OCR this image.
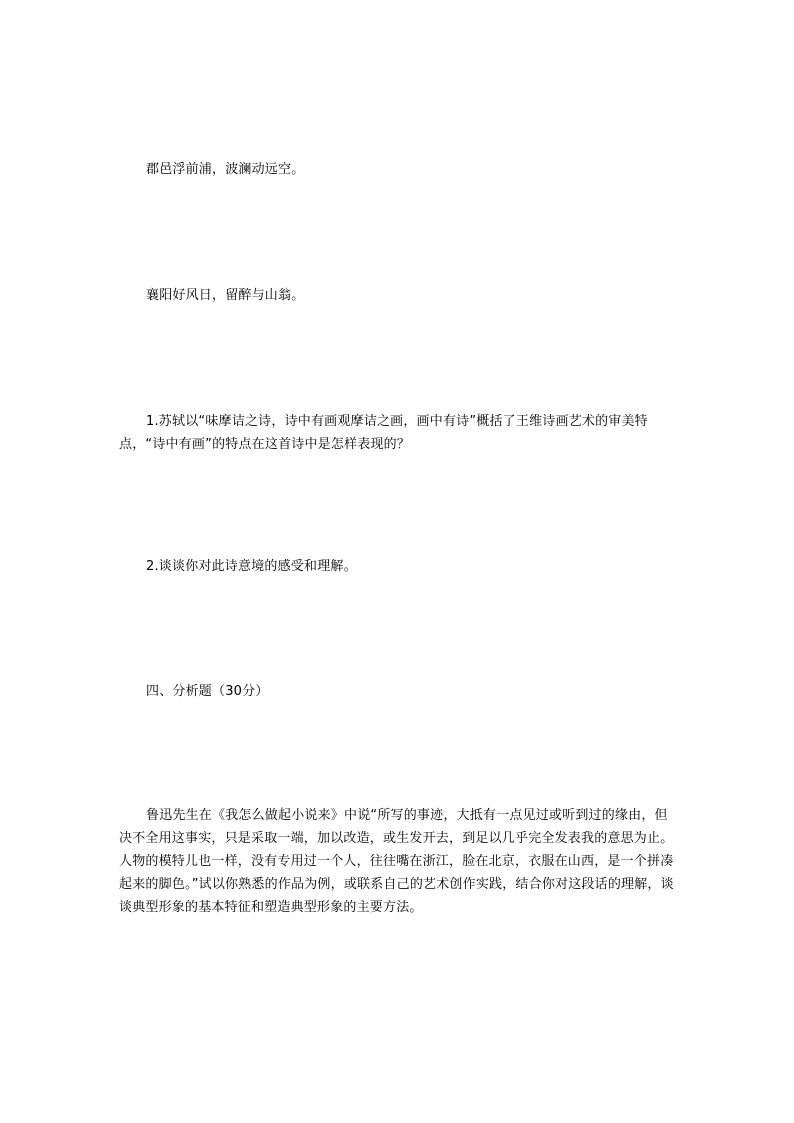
郡邑浮前浦，波澜动远空。

襄阳好风日，留醉与山翁。

1.苏轼以“味摩诘之诗，诗中有画观摩诘之画，画中有诗”概括了王维诗画艺术的审美特点，“诗中有画”的特点在这首诗中是怎样表现的？

2.谈谈你对此诗意境的感受和理解。

四、分析题（30分）

鲁迅先生在《我怎么做起小说来》中说“所写的事迹，大抵有一点见过或听到过的缘由，但决不全用这事实，只是采取一端，加以改造，或生发开去，到足以几乎完全发表我的意思为止。人物的模特儿也一样，没有专用过一个人，往往嘴在浙江，脸在北京，衣服在山西，是一个拼凑起来的脚色。”试以你熟悉的作品为例，或联系自己的艺术创作实践，结合你对这段话的理解，谈谈典型形象的基本特征和塑造典型形象的主要方法。
